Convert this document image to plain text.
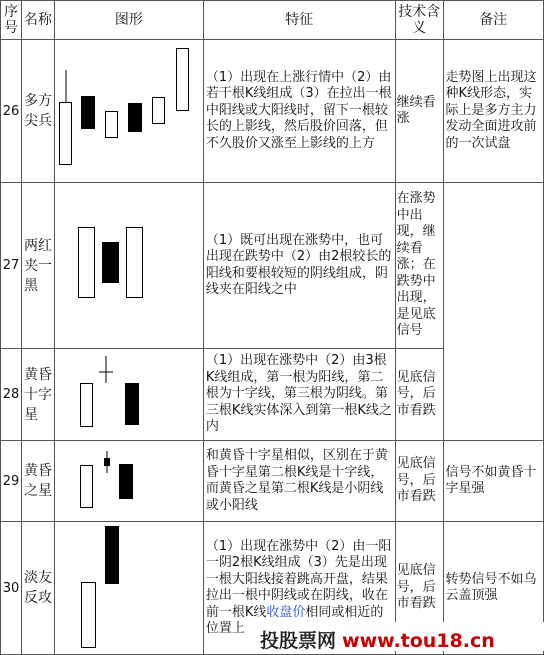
序号	名称	图形	特征	技术含义	备注
26	多方尖兵		（1）出现在上涨行情中（2）由若干根K线组成（3）在拉出一根中阳线或大阳线时，留下一根较长的上影线，然后股价回落，但不久股价又涨至上影线的上方	继续看涨	走势图上出现这种K线形态，实际上是多方主力发动全面进攻前的一次试盘
27	两红夹一黑		（1）既可出现在涨势中，也可出现在跌势中（2）由2根较长的阳线和要根较短的阴线组成，阴线夹在阳线之中	在涨势中出现，继续看涨；在跌势中出现，是见底信号	
28	黄昏十字星		（1）出现在涨势中（2）由3根K线组成，第一根为阳线，第二根为十字线，第三根为阴线。第三根K线实体深入到第一根K线之内	见底信号，后市看跌	
29	黄昏之星		和黄昏十字星相似，区别在于黄昏十字星第二根K线是十字线，而黄昏之星第二根K线是小阴线或小阳线	见底信号，后市看跌	信号不如黄昏十字星强
30	淡友反攻		（1）出现在涨势中（2）由一阳一阴2根K线组成（3）先是出现一根大阳线接着跳高开盘，结果拉出一根中阴线或在阴线，收在前一根K线收盘价相同或相近的位置上	见底信号，后市看跌	转势信号不如乌云盖顶强
投股票网 www.tou18.cn
